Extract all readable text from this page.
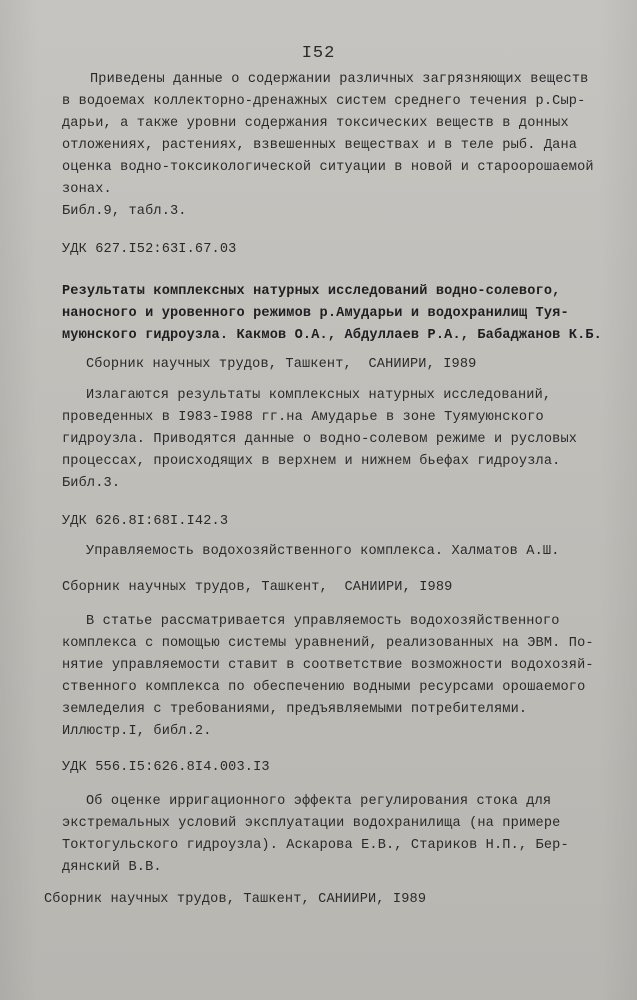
I52
Приведены данные о содержании различных загрязняющих веществ
в водоемах коллекторно-дренажных систем среднего течения р.Сыр-
дарьи, а также уровни содержания токсических веществ в донных
отложениях, растениях, взвешенных веществах и в теле рыб. Дана
оценка водно-токсикологической ситуации в новой и староорошаемой
зонах.
Библ.9, табл.3.
УДК 627.I52:63I.67.03
Результаты комплексных натурных исследований водно-солевого,
наносного и уровенного режимов р.Амударьи и водохранилищ Туя-
муюнского гидроузла. Какмов О.А., Абдуллаев Р.А., Бабаджанов К.Б.
Сборник научных трудов, Ташкент,  САНИИРИ, I989
Излагаются результаты комплексных натурных исследований,
проведенных в I983-I988 гг.на Амударье в зоне Туямуюнского
гидроузла. Приводятся данные о водно-солевом режиме и русловых
процессах, происходящих в верхнем и нижнем бьефах гидроузла.
Библ.3.
УДК 626.8I:68I.I42.3
Управляемость водохозяйственного комплекса. Халматов А.Ш.
Сборник научных трудов, Ташкент,  САНИИРИ, I989
В статье рассматривается управляемость водохозяйственного
комплекса с помощью системы уравнений, реализованных на ЭВМ. По-
нятие управляемости ставит в соответствие возможности водохозяй-
ственного комплекса по обеспечению водными ресурсами орошаемого
земледелия с требованиями, предъявляемыми потребителями.
Иллюстр.I, библ.2.
УДК 556.I5:626.8I4.003.I3
Об оценке ирригационного эффекта регулирования стока для
экстремальных условий эксплуатации водохранилища (на примере
Токтогульского гидроузла). Аскарова Е.В., Стариков Н.П., Бер-
дянский В.В.
Сборник научных трудов, Ташкент, САНИИРИ, I989
